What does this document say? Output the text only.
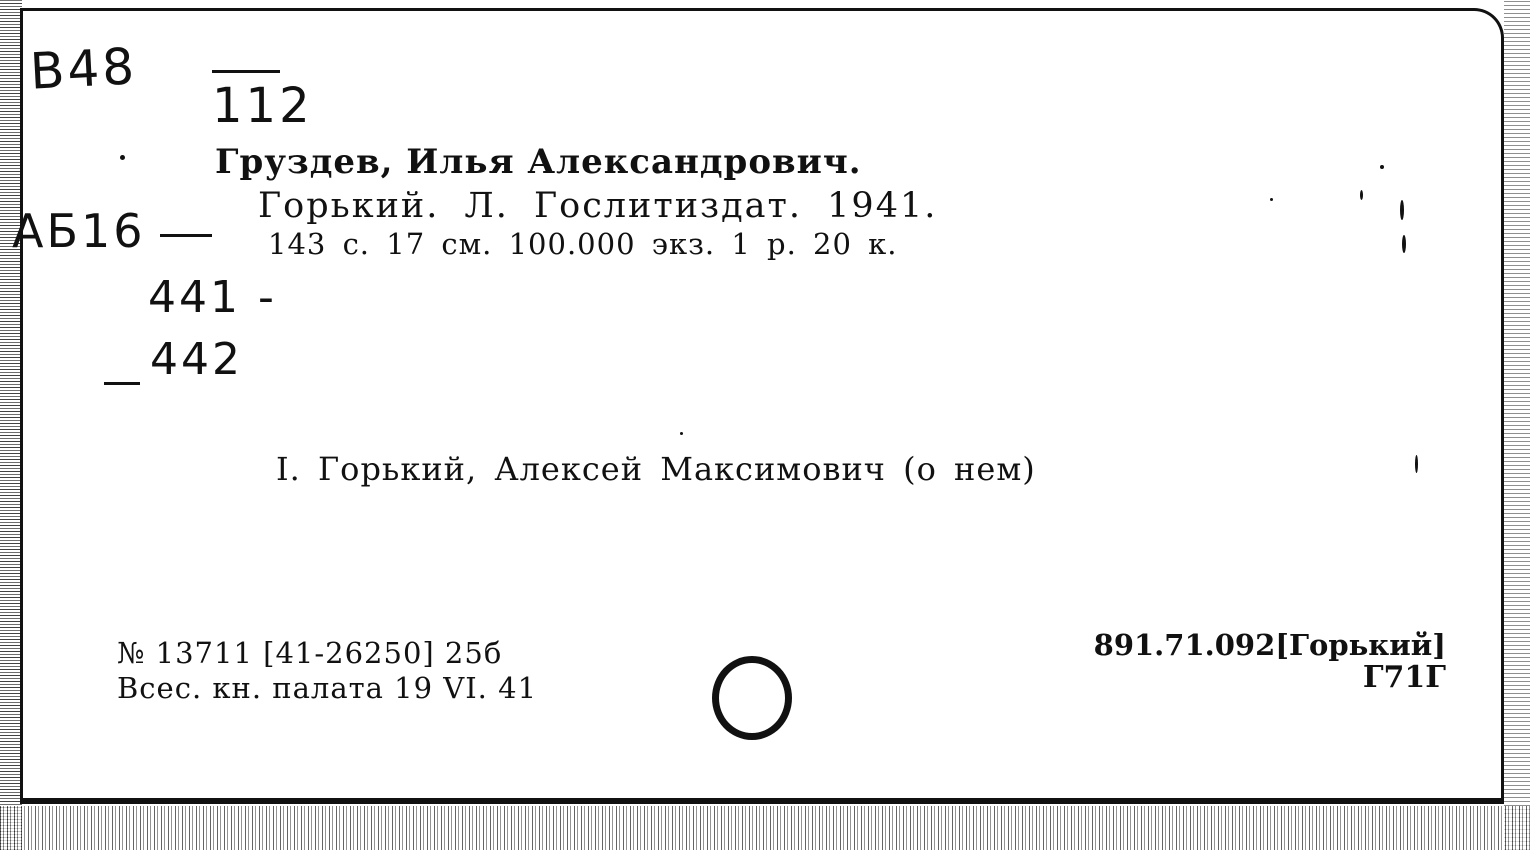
В48
112
АБ16
441 -
442
Груздев, Илья Александрович.
Горький. Л. Гослитиздат. 1941.
143 с. 17 см. 100.000 экз. 1 р. 20 к.
I. Горький, Алексей Максимович (о нем)
№ 13711 [41-26250] 25б
Всес. кн. палата 19 VI. 41
891.71.092[Горький]
Г71Г
